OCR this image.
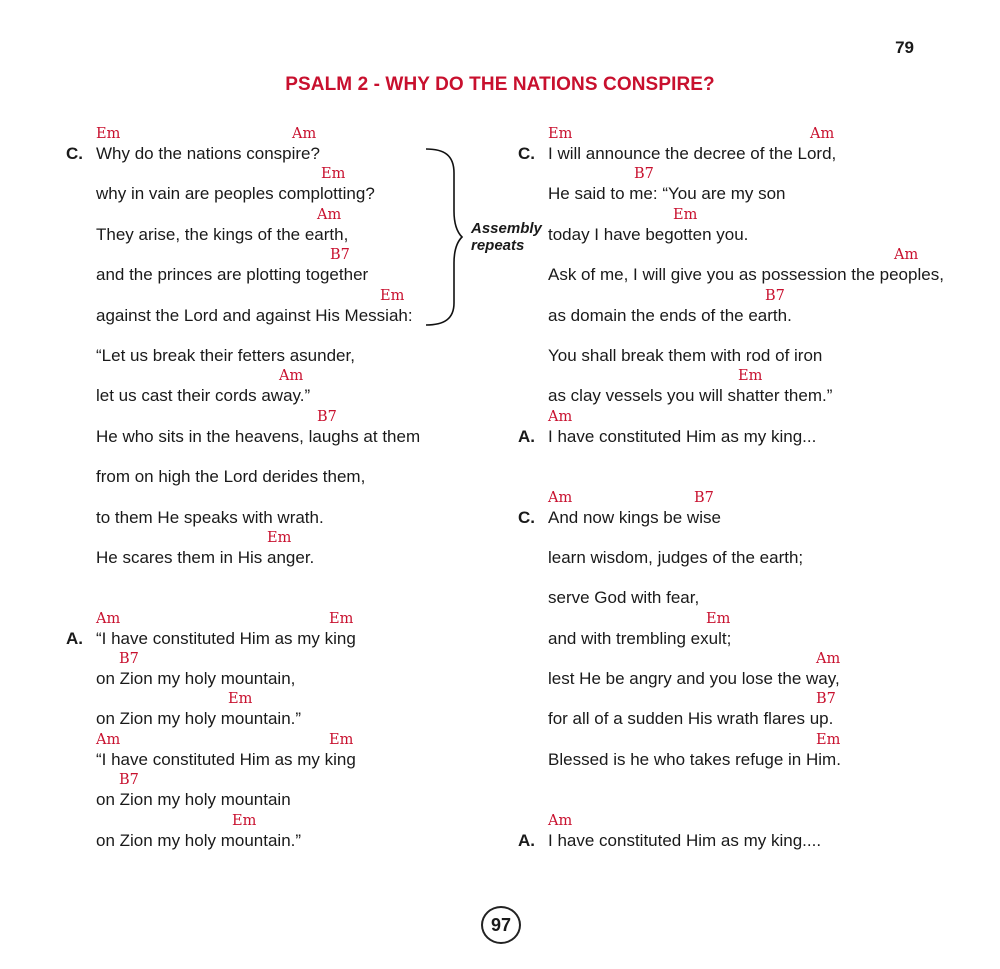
79
PSALM 2 - WHY DO THE NATIONS CONSPIRE?
Em	Am
C. Why do the nations conspire?
Em
why in vain are peoples complotting?
Am
They arise, the kings of the earth,
B7
and the princes are plotting together
Em
against the Lord and against His Messiah:
“Let us break their fetters asunder,
Am
let us cast their cords away.”
B7
He who sits in the heavens, laughs at them
from on high the Lord derides them,
to them He speaks with wrath.
Em
He scares them in His anger.
Am	Em
A. “I have constituted Him as my king
B7
on Zion my holy mountain,
Em
on Zion my holy mountain.”
Am	Em
“I have constituted Him as my king
B7
on Zion my holy mountain
Em
on Zion my holy mountain.”
Em	Am
C. I will announce the decree of the Lord,
B7
He said to me: “You are my son
Em
today I have begotten you.
Am
Ask of me, I will give you as possession the peoples,
B7
as domain the ends of the earth.
You shall break them with rod of iron
Em
as clay vessels you will shatter them.”
Am
A. I have constituted Him as my king...
Am	B7
C. And now kings be wise
learn wisdom, judges of the earth;
serve God with fear,
Em
and with trembling exult;
Am
lest He be angry and you lose the way,
B7
for all of a sudden His wrath flares up.
Em
Blessed is he who takes refuge in Him.
Am
A. I have constituted Him as my king....
Assembly
repeats
97
